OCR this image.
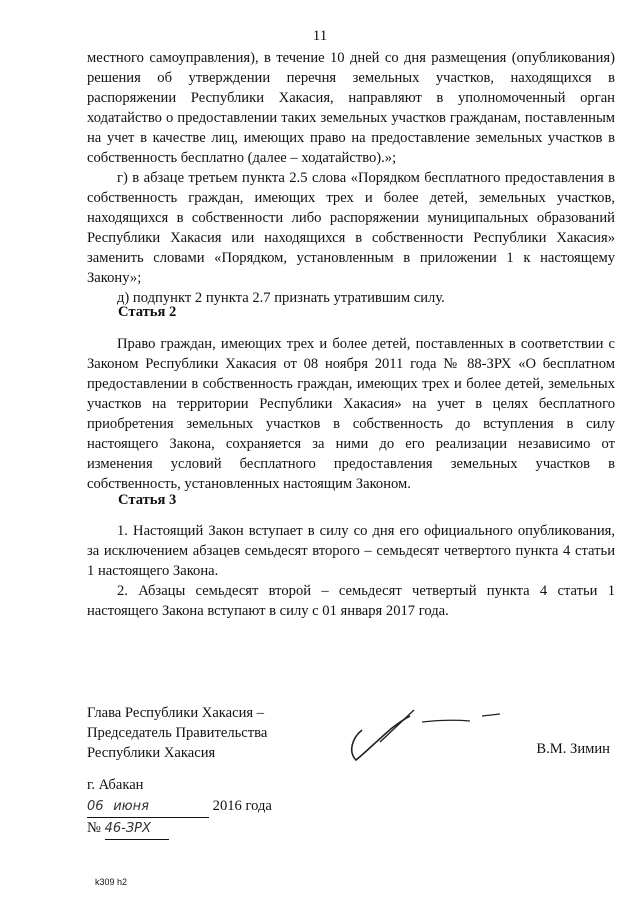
11

местного самоуправления), в течение 10 дней со дня размещения (опубликования) решения об утверждении перечня земельных участков, находящихся в распоряжении Республики Хакасия, направляют в уполномоченный орган ходатайство о предоставлении таких земельных участков гражданам, поставленным на учет в качестве лиц, имеющих право на предоставление земельных участков в собственность бесплатно (далее – ходатайство).»;

г) в абзаце третьем пункта 2.5 слова «Порядком бесплатного предоставления в собственность граждан, имеющих трех и более детей, земельных участков, находящихся в собственности либо распоряжении муниципальных образований Республики Хакасия или находящихся в собственности Республики Хакасия» заменить словами «Порядком, установленным в приложении 1 к настоящему Закону»;

д) подпункт 2 пункта 2.7 признать утратившим силу.

Статья 2

Право граждан, имеющих трех и более детей, поставленных в соответствии с Законом Республики Хакасия от 08 ноября 2011 года № 88-ЗРХ «О бесплатном предоставлении в собственность граждан, имеющих трех и более детей, земельных участков на территории Республики Хакасия» на учет в целях бесплатного приобретения земельных участков в собственность до вступления в силу настоящего Закона, сохраняется за ними до его реализации независимо от изменения условий бесплатного предоставления земельных участков в собственность, установленных настоящим Законом.

Статья 3

1. Настоящий Закон вступает в силу со дня его официального опубликования, за исключением абзацев семьдесят второго – семьдесят четвертого пункта 4 статьи 1 настоящего Закона.

2. Абзацы семьдесят второй – семьдесят четвертый пункта 4 статьи 1 настоящего Закона вступают в силу с 01 января 2017 года.

Глава Республики Хакасия –
Председатель Правительства
Республики Хакасия	В.М. Зимин
г. Абакан
06 июня	2016 года
№ 46-ЗРХ
k309 h2
